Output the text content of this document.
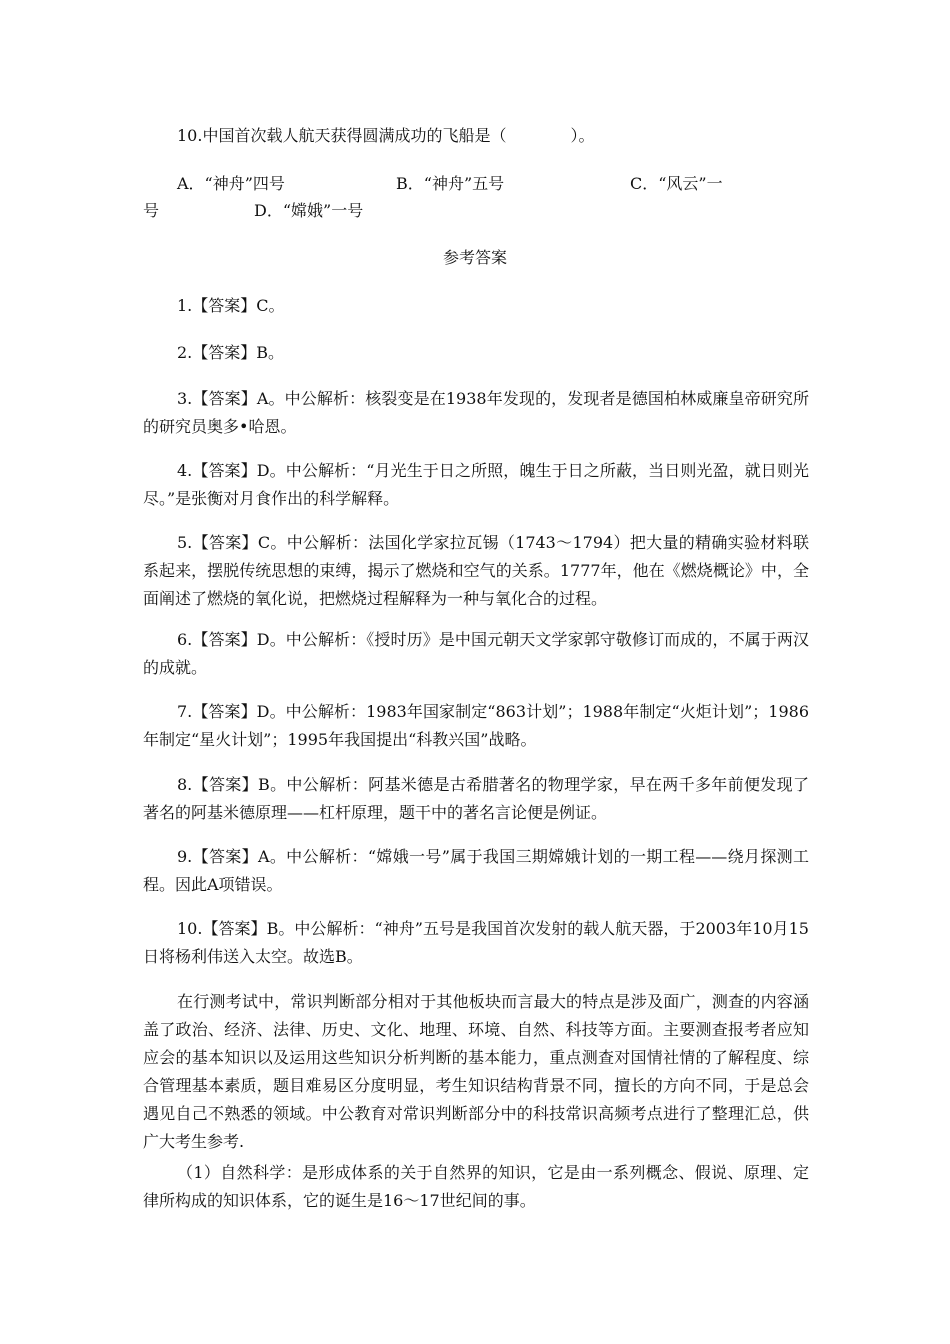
10.中国首次载人航天获得圆满成功的飞船是（　　　　）。

A．“神舟”四号	B．“神舟”五号	C．“风云”一

号	D．“嫦娥”一号

参考答案

1.【答案】C。

2.【答案】B。

3.【答案】A。中公解析：核裂变是在1938年发现的，发现者是德国柏林威廉皇帝研究所的研究员奥多•哈恩。

4.【答案】D。中公解析：“月光生于日之所照，魄生于日之所蔽，当日则光盈，就日则光尽。”是张衡对月食作出的科学解释。

5.【答案】C。中公解析：法国化学家拉瓦锡（1743～1794）把大量的精确实验材料联系起来，摆脱传统思想的束缚，揭示了燃烧和空气的关系。1777年，他在《燃烧概论》中，全面阐述了燃烧的氧化说，把燃烧过程解释为一种与氧化合的过程。

6.【答案】D。中公解析：《授时历》是中国元朝天文学家郭守敬修订而成的，不属于两汉的成就。

7.【答案】D。中公解析：1983年国家制定“863计划”；1988年制定“火炬计划”；1986年制定“星火计划”；1995年我国提出“科教兴国”战略。

8.【答案】B。中公解析：阿基米德是古希腊著名的物理学家，早在两千多年前便发现了著名的阿基米德原理——杠杆原理，题干中的著名言论便是例证。

9.【答案】A。中公解析：“嫦娥一号”属于我国三期嫦娥计划的一期工程——绕月探测工程。因此A项错误。

10.【答案】B。中公解析：“神舟”五号是我国首次发射的载人航天器，于2003年10月15日将杨利伟送入太空。故选B。

在行测考试中，常识判断部分相对于其他板块而言最大的特点是涉及面广，测查的内容涵盖了政治、经济、法律、历史、文化、地理、环境、自然、科技等方面。主要测查报考者应知应会的基本知识以及运用这些知识分析判断的基本能力，重点测查对国情社情的了解程度、综合管理基本素质，题目难易区分度明显，考生知识结构背景不同，擅长的方向不同，于是总会遇见自己不熟悉的领域。中公教育对常识判断部分中的科技常识高频考点进行了整理汇总，供广大考生参考.

（1）自然科学：是形成体系的关于自然界的知识，它是由一系列概念、假说、原理、定律所构成的知识体系，它的诞生是16～17世纪间的事。
